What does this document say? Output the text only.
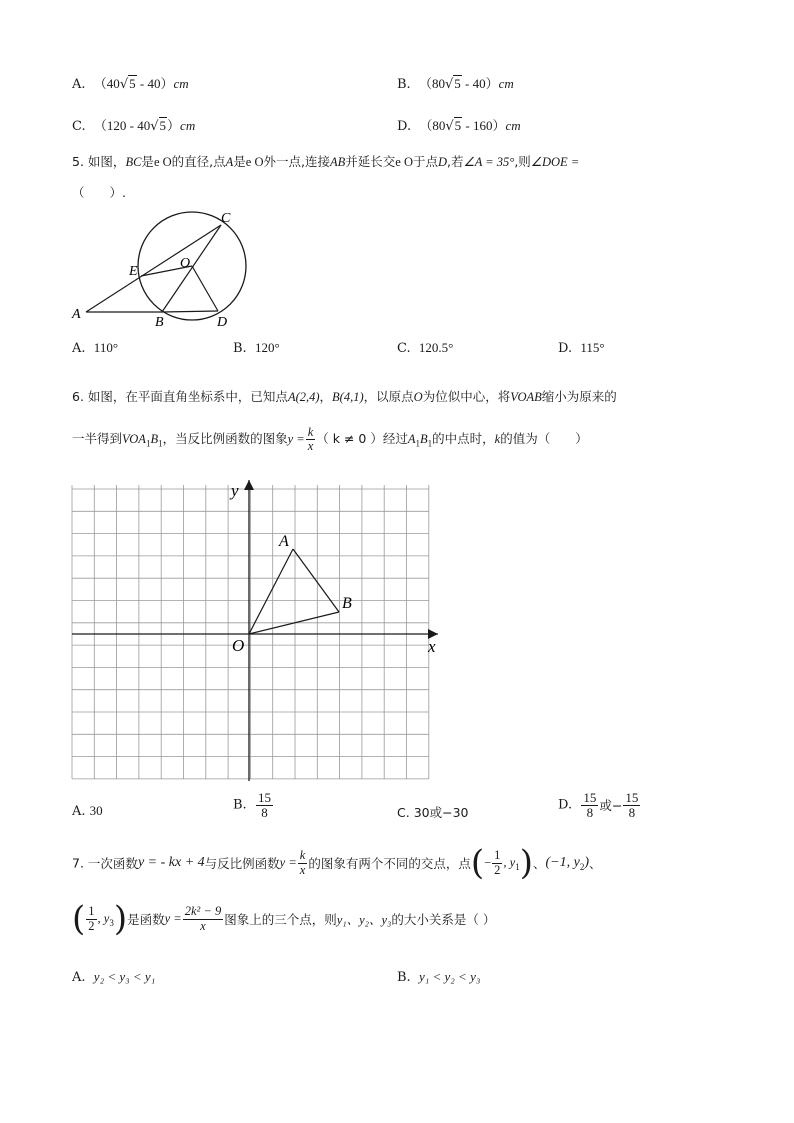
A. （40√5 - 40）cm	B. （80√5 - 40）cm
C. （120 - 40√5）cm	D. （80√5 - 160）cm
5. 如图，BC是e O的直径,点A是e O外一点,连接AB并延长交e O于点D,若∠A = 35°,则∠DOE =
（　　）.
C
O
E
A
B	D
A. 110°	B. 120°	C. 120.5°	D. 115°
6. 如图，在平面直角坐标系中，已知点A(2,4)，B(4,1)，以原点O为位似中心，将VOAB缩小为原来的
一半得到$VOA_1B_1$，当反比例函数的图象$y = \frac{k}{x}$ （ k ≠ 0 ）经过$A_1B_1$的中点时，k的值为（　　）
y
x
O
A
B
A. 30	B. $\frac{15}{8}$	C. 30或−30	D. $\frac{15}{8}$ 或− $\frac{15}{8}$
7. 一次函数y = - kx + 4与反比例函数$y = \frac{k}{x}$ 的图象有两个不同的交点，点(− $\frac{1}{2}$ , $y_1$)、(−1, $y_2$)、
( $\frac{1}{2}$ , $y_3$)是函数$y = \frac{\text{2k² − 9}}{x}$ 图象上的三个点，则y₁、y₂、y₃的大小关系是（ ）
A. y₂ < y₃ < y₁	B. y₁ < y₂ < y₃
